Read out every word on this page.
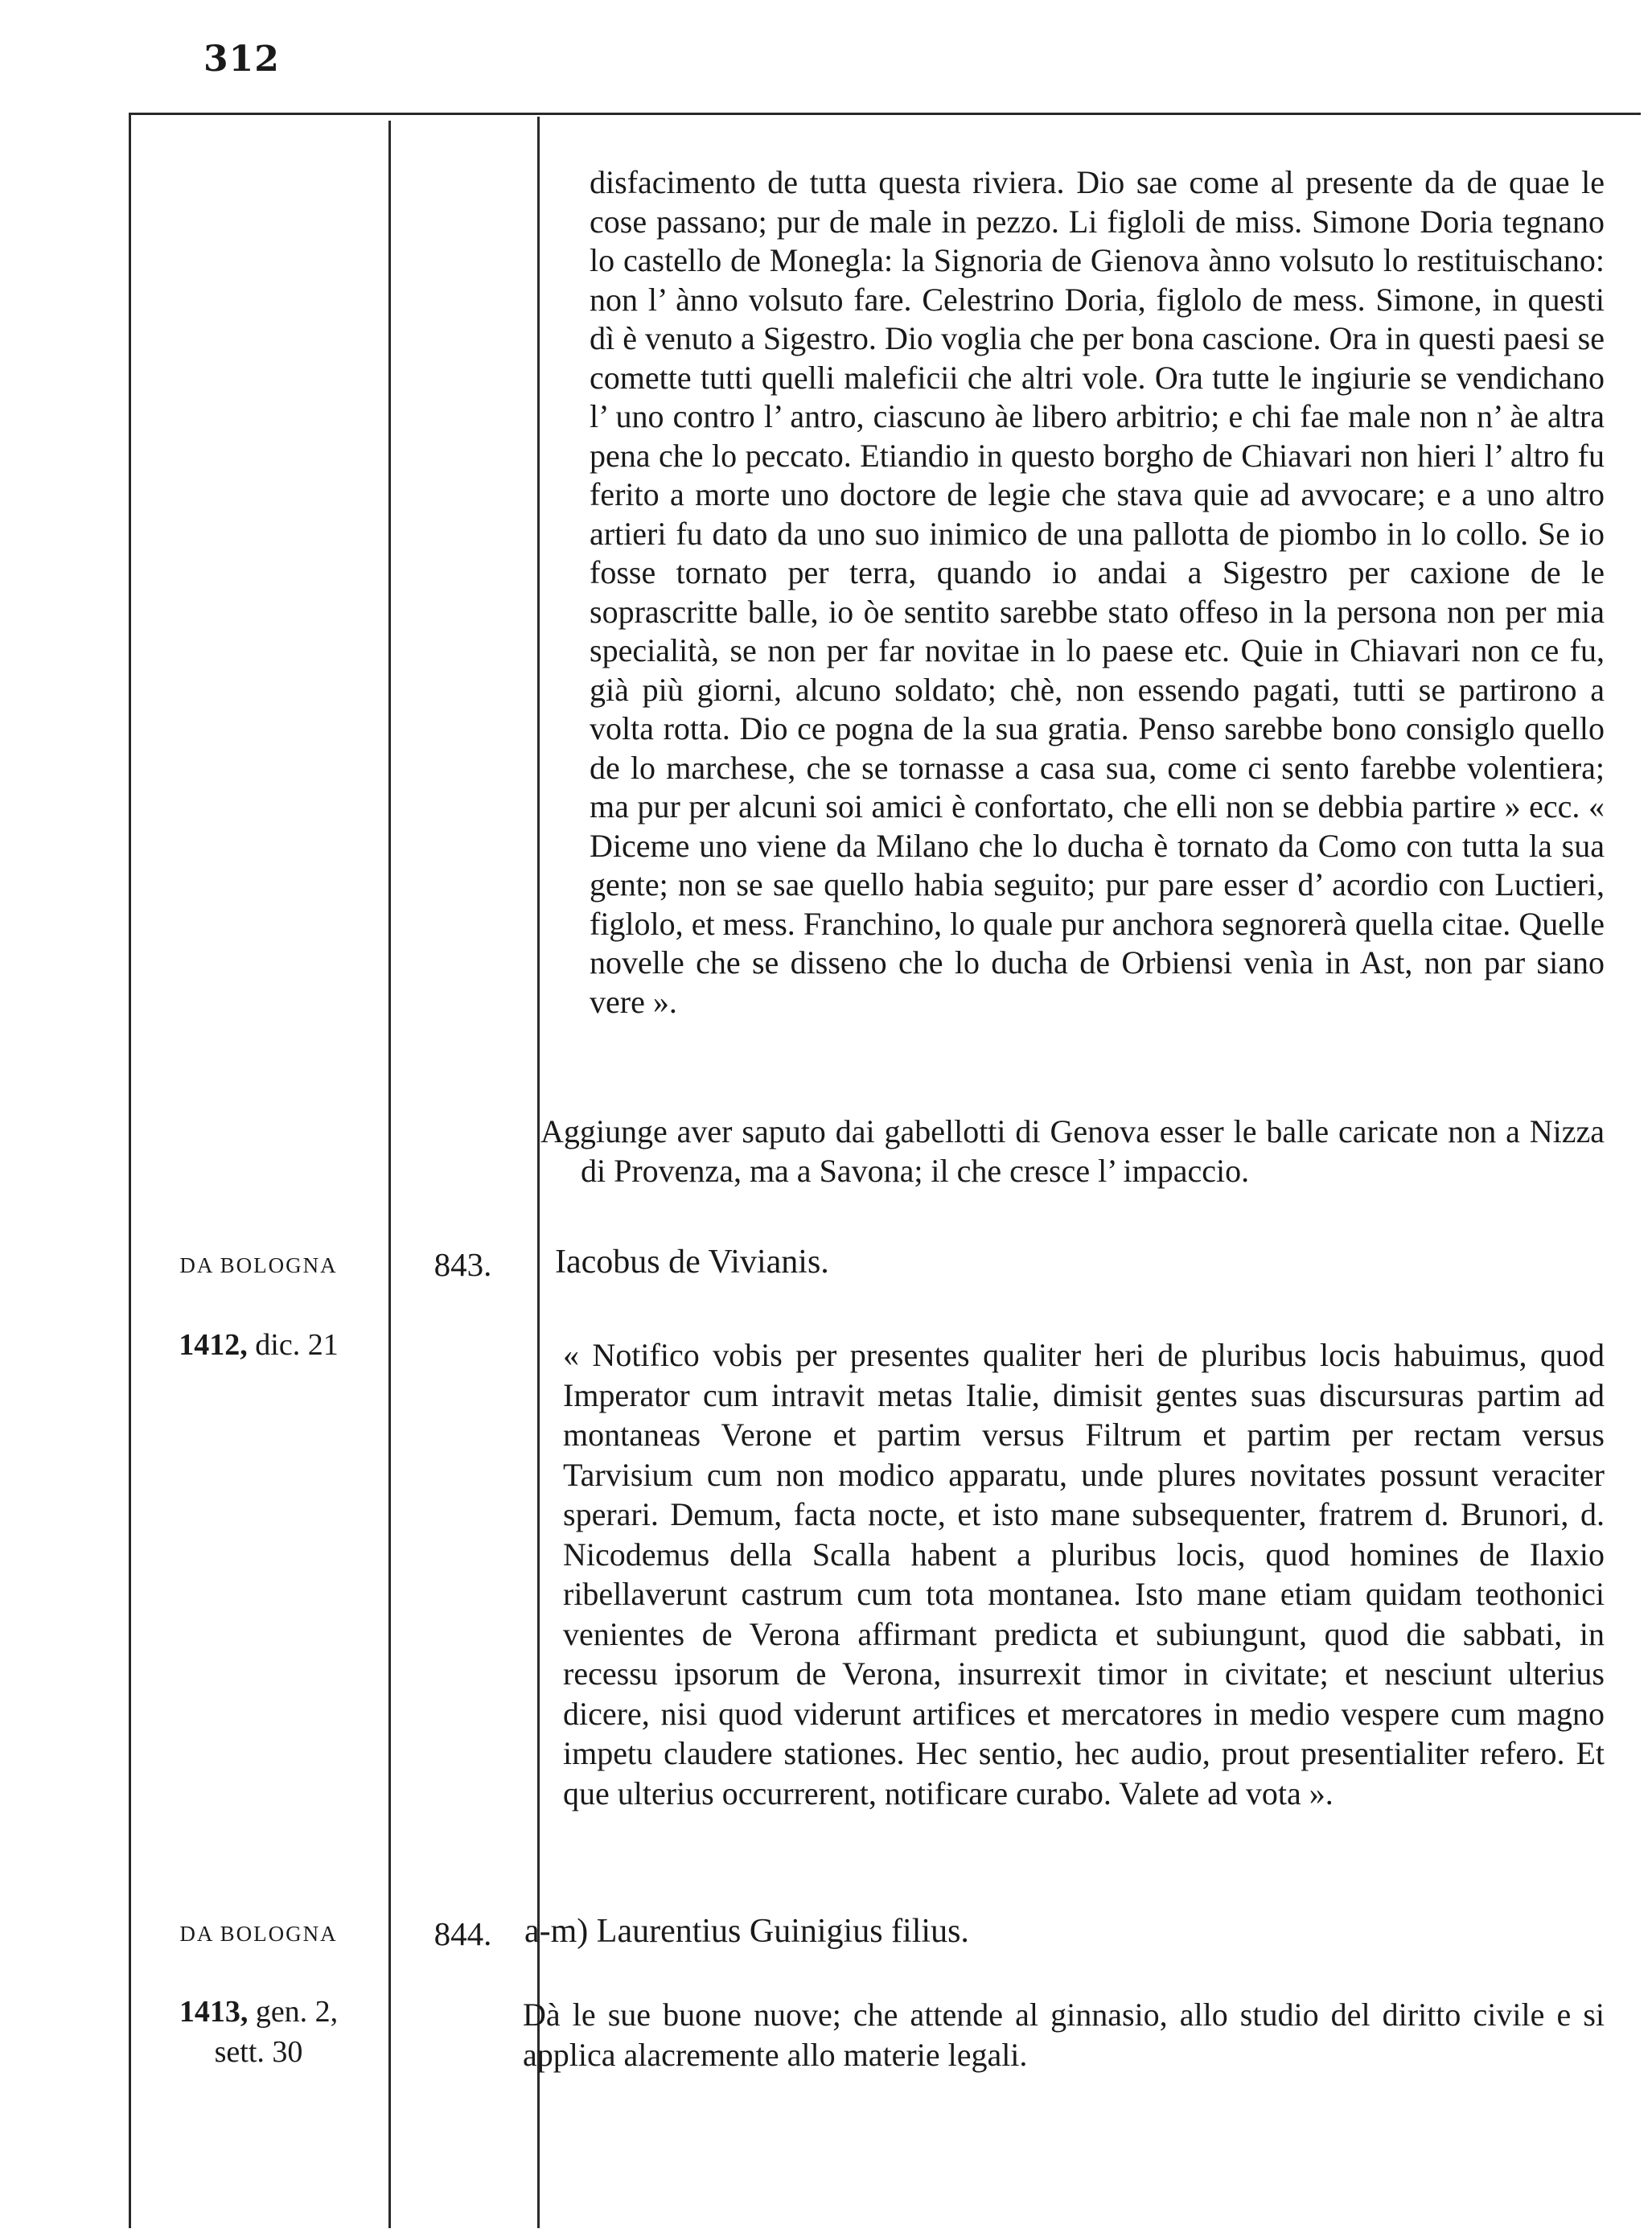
312

disfacimento de tutta questa riviera. Dio sae come al presente da de quae le cose passano; pur de male in pezzo. Li figloli de miss. Simone Doria tegnano lo castello de Monegla: la Signoria de Gienova ànno volsuto lo restituischano: non l’ ànno volsuto fare. Celestrino Doria, figlolo de mess. Simone, in questi dì è venuto a Sigestro. Dio voglia che per bona cascione. Ora in questi paesi se comette tutti quelli maleficii che altri vole. Ora tutte le ingiurie se vendichano l’ uno contro l’ antro, ciascuno àe libero arbitrio; e chi fae male non n’ àe altra pena che lo peccato. Etiandio in questo borgho de Chiavari non hieri l’ altro fu ferito a morte uno doctore de legie che stava quie ad avvocare; e a uno altro artieri fu dato da uno suo inimico de una pallotta de piombo in lo collo. Se io fosse tornato per terra, quando io andai a Sigestro per caxione de le soprascritte balle, io òe sentito sarebbe stato offeso in la persona non per mia specialità, se non per far novitae in lo paese etc. Quie in Chiavari non ce fu, già più giorni, alcuno soldato; chè, non essendo pagati, tutti se partirono a volta rotta. Dio ce pogna de la sua gratia. Penso sarebbe bono consiglo quello de lo marchese, che se tornasse a casa sua, come ci sento farebbe volentiera; ma pur per alcuni soi amici è confortato, che elli non se debbia partire » ecc. « Diceme uno viene da Milano che lo ducha è tornato da Como con tutta la sua gente; non se sae quello habia seguito; pur pare esser d’ acordio con Luctieri, figlolo, et mess. Franchino, lo quale pur anchora segnorerà quella citae. Quelle novelle che se disseno che lo ducha de Orbiensi venìa in Ast, non par siano vere ».

Aggiunge aver saputo dai gabellotti di Genova esser le balle caricate non a Nizza di Provenza, ma a Savona; il che cresce l’ impaccio.

DA BOLOGNA
1412, dic. 21
843.	Iacobus de Vivianis.

« Notifico vobis per presentes qualiter heri de pluribus locis habuimus, quod Imperator cum intravit metas Italie, dimisit gentes suas discursuras partim ad montaneas Verone et partim versus Filtrum et partim per rectam versus Tarvisium cum non modico apparatu, unde plures novitates possunt veraciter sperari. Demum, facta nocte, et isto mane subsequenter, fratrem d. Brunori, d. Nicodemus della Scalla habent a pluribus locis, quod homines de Ilaxio ribellaverunt castrum cum tota montanea. Isto mane etiam quidam teothonici venientes de Verona affirmant predicta et subiungunt, quod die sabbati, in recessu ipsorum de Verona, insurrexit timor in civitate; et nesciunt ulterius dicere, nisi quod viderunt artifices et mercatores in medio vespere cum magno impetu claudere stationes. Hec sentio, hec audio, prout presentialiter refero. Et que ulterius occurrerent, notificare curabo. Valete ad vota ».

DA BOLOGNA
1413, gen. 2,
sett. 30
844. a-m) Laurentius Guinigius filius.

Dà le sue buone nuove; che attende al ginnasio, allo studio del diritto civile e si applica alacremente allo materie legali.
